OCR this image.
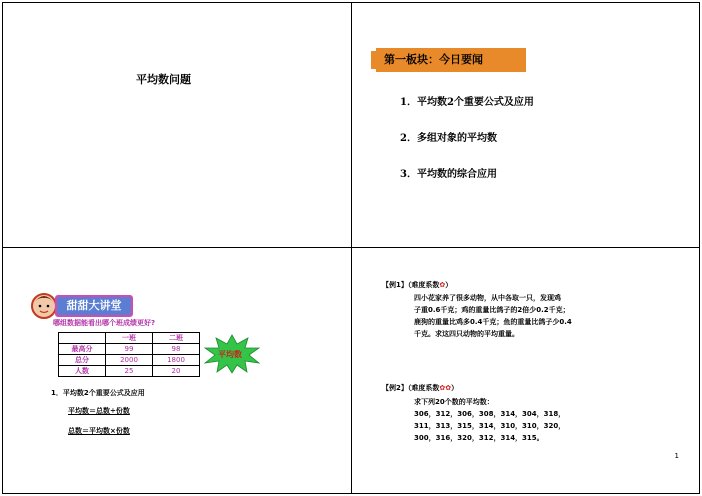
平均数问题
第一板块：今日要闻
1．平均数2个重要公式及应用
2．多组对象的平均数
3．平均数的综合应用
甜甜大讲堂
哪组数据能看出哪个班成绩更好?
	一班	二班
最高分	99	98
总分	2000	1800
人数	25	20
平均数
1．平均数2个重要公式及应用
平均数＝总数÷份数
总数＝平均数×份数
【例1】（难度系数✿）
四小花家养了很多动物，从中各取一只，发现鸡
子重0.6千克；鸡的重量比鸽子的2倍少0.2千克；
鹿狗的重量比鸡多0.4千克；鱼的重量比鸽子少0.4
千克。求这四只动物的平均重量。
【例2】（难度系数✿✿）
求下列20个数的平均数：
306，312，306，308，314，304，318，
311，313，315，314，310，310，320，
300，316，320，312，314，315。
1
